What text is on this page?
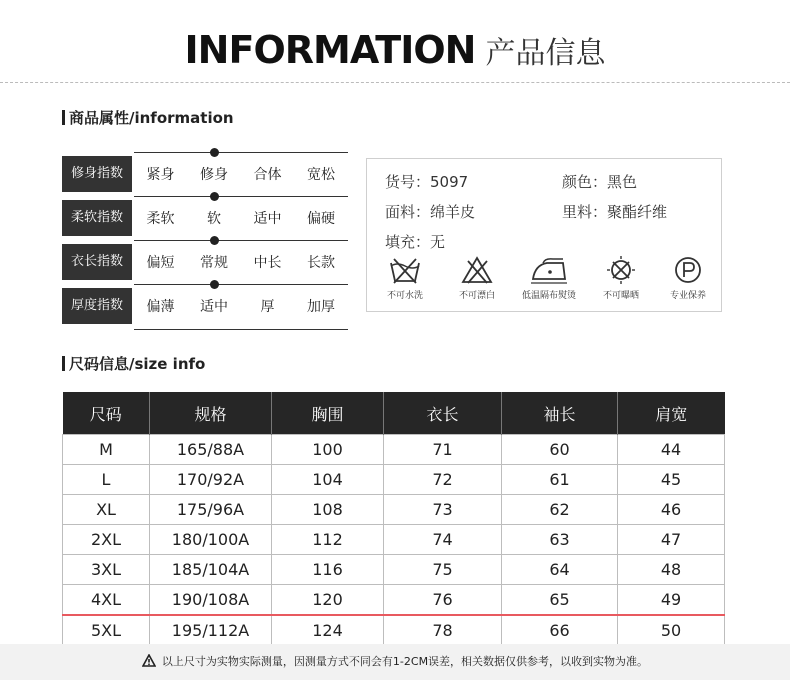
INFORMATION 产品信息
商品属性/information
修身指数	紧身	修身	合体	宽松
柔软指数	柔软	软	适中	偏硬
衣长指数	偏短	常规	中长	长款
厚度指数	偏薄	适中	厚	加厚
货号：5097	颜色：黑色
面料：绵羊皮	里料：聚酯纤维
填充：无
不可水洗	不可漂白	低温隔布熨烫	不可曝晒	专业保养
尺码信息/size info
尺码	规格	胸围	衣长	袖长	肩宽
M	165/88A	100	71	60	44
L	170/92A	104	72	61	45
XL	175/96A	108	73	62	46
2XL	180/100A	112	74	63	47
3XL	185/104A	116	75	64	48
4XL	190/108A	120	76	65	49
5XL	195/112A	124	78	66	50
以上尺寸为实物实际测量，因测量方式不同会有1-2CM误差，相关数据仅供参考，以收到实物为准。
